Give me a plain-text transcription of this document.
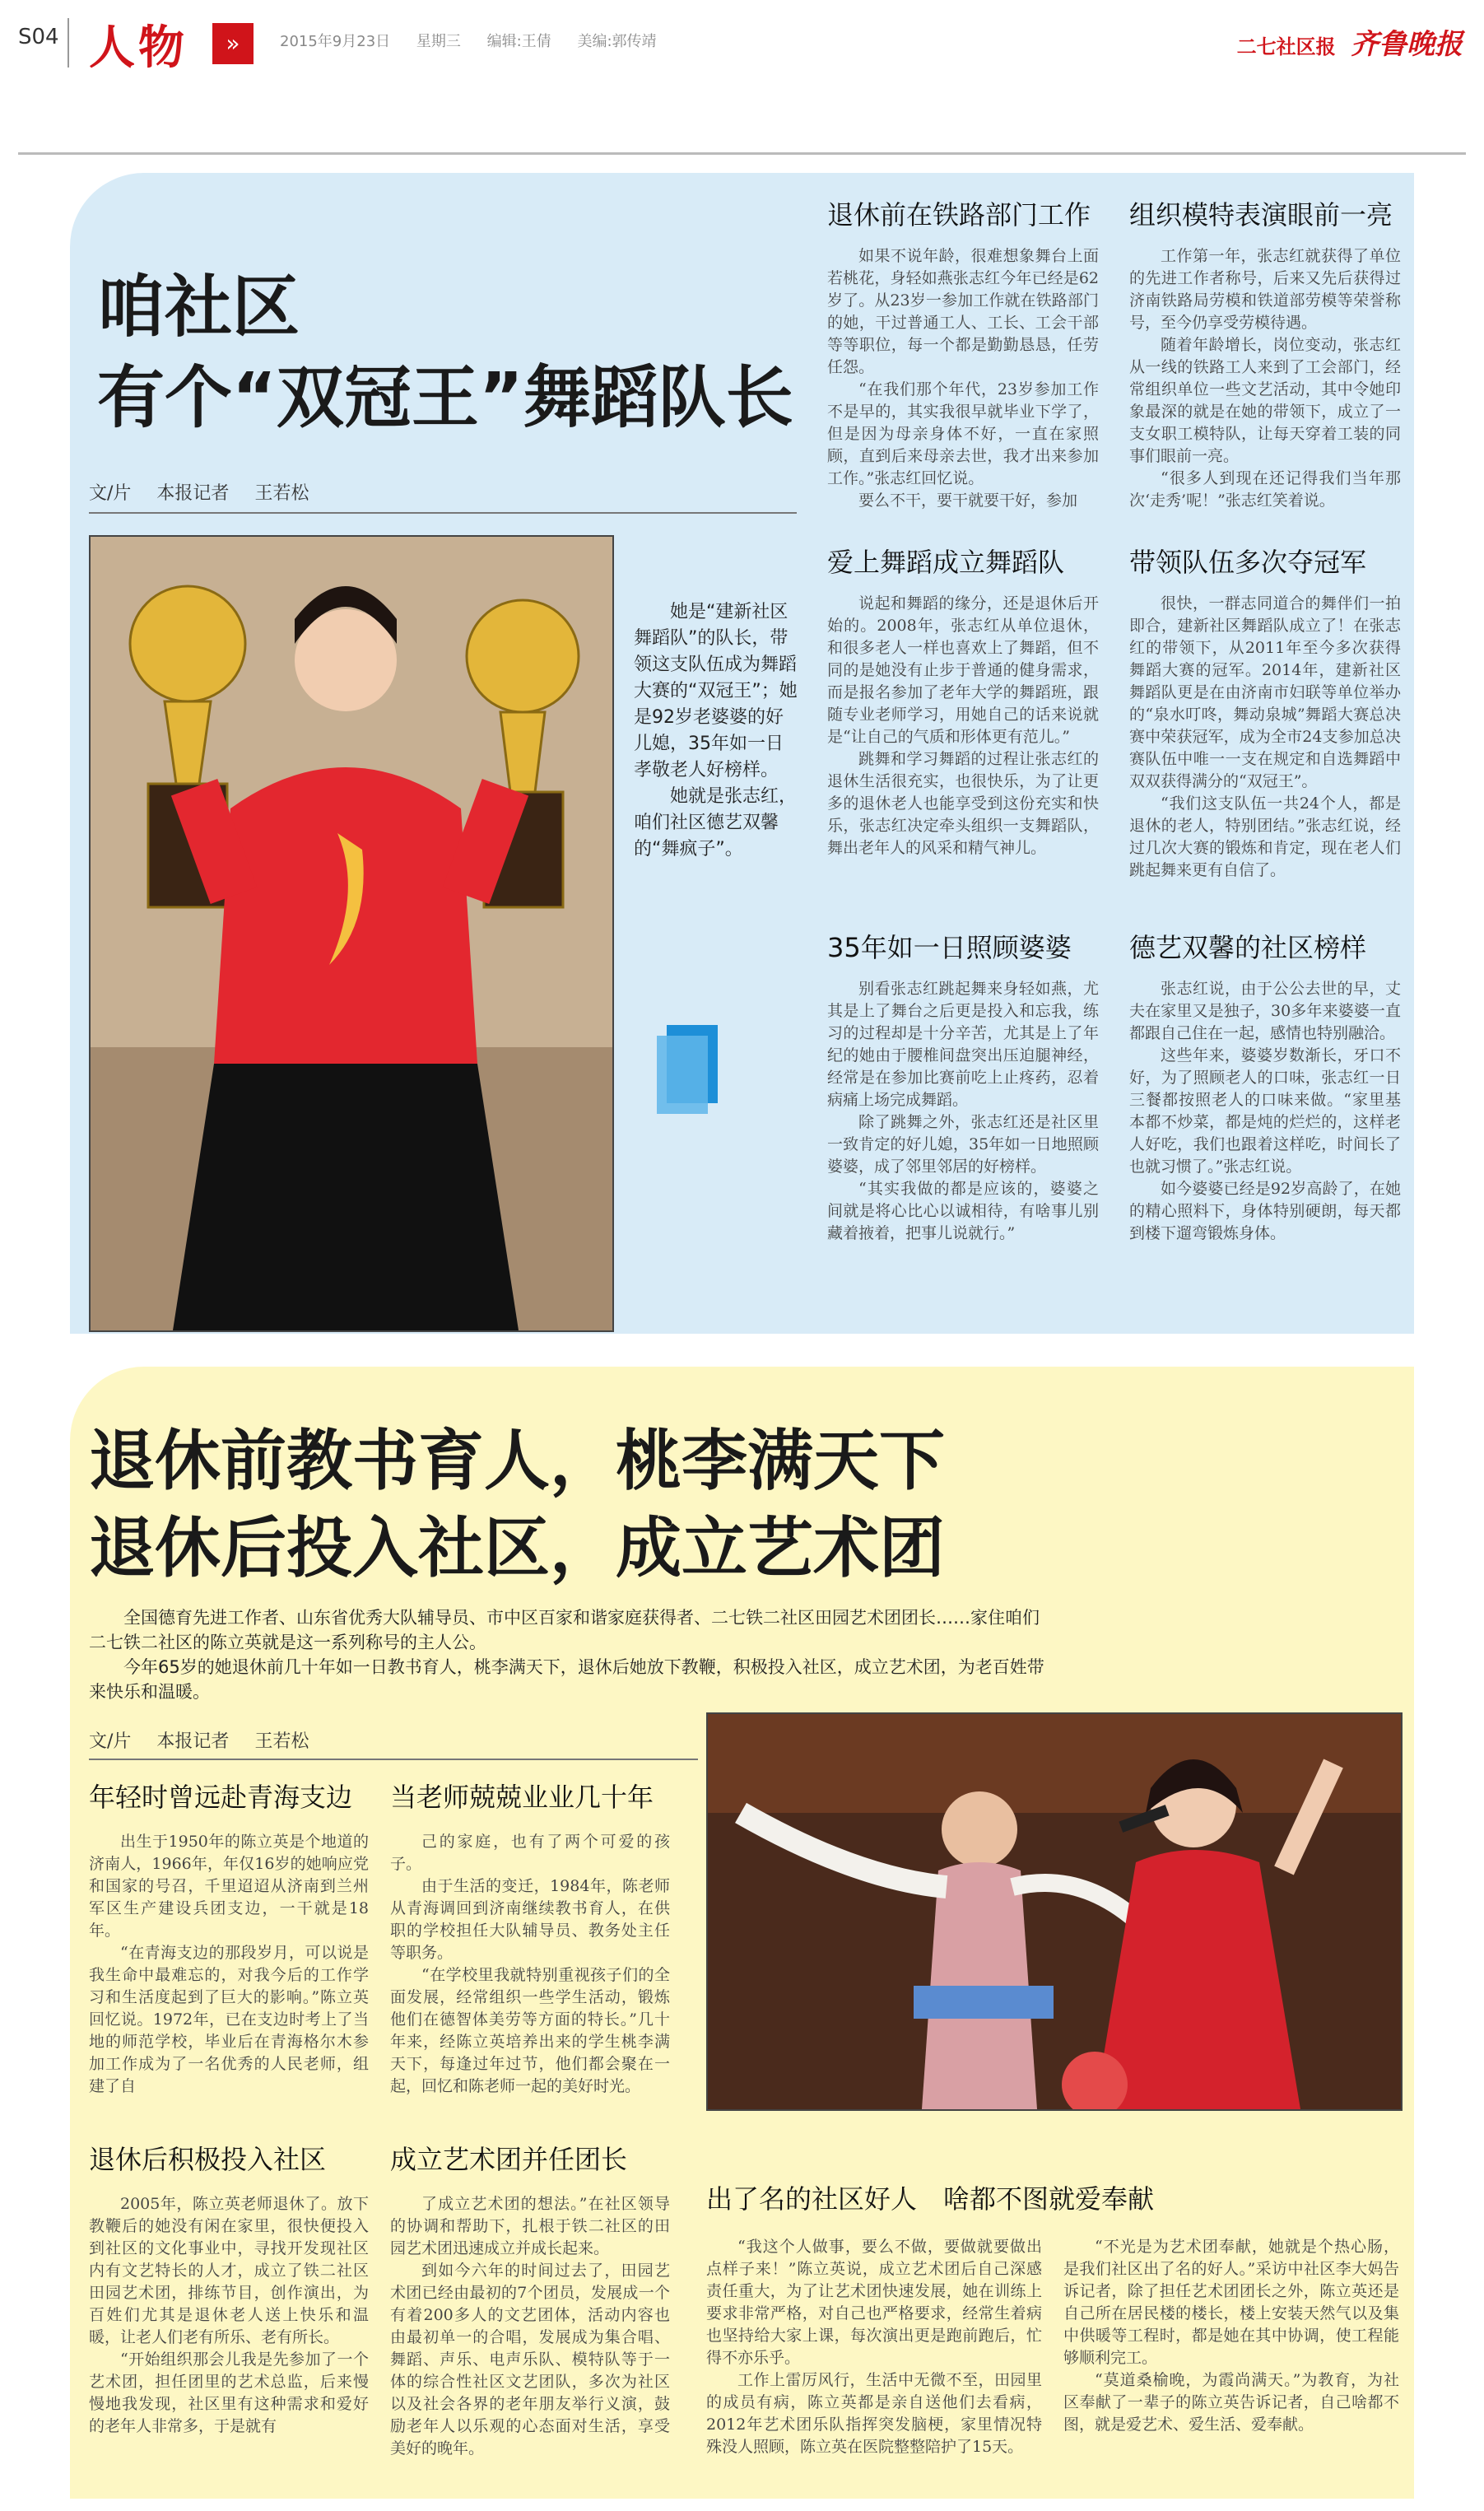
S04 人物	»	2015年9月23日 星期三 编辑:王倩 美编:郭传靖	二七社区报 齐鲁晚报
咱社区
有个“双冠王”舞蹈队长
文/片 本报记者 王若松
她是“建新社区舞蹈队”的队长，带领这支队伍成为舞蹈大赛的“双冠王”；她是92岁老婆婆的好儿媳，35年如一日孝敬老人好榜样。
她就是张志红，咱们社区德艺双馨的“舞疯子”。
退休前在铁路部门工作

如果不说年龄，很难想象舞台上面若桃花，身轻如燕张志红今年已经是62岁了。从23岁一参加工作就在铁路部门的她，干过普通工人、工长、工会干部等等职位，每一个都是勤勤恳恳，任劳任怨。

“在我们那个年代，23岁参加工作不是早的，其实我很早就毕业下学了，但是因为母亲身体不好，一直在家照顾，直到后来母亲去世，我才出来参加工作。”张志红回忆说。

要么不干，要干就要干好，参加

组织模特表演眼前一亮

工作第一年，张志红就获得了单位的先进工作者称号，后来又先后获得过济南铁路局劳模和铁道部劳模等荣誉称号，至今仍享受劳模待遇。

随着年龄增长，岗位变动，张志红从一线的铁路工人来到了工会部门，经常组织单位一些文艺活动，其中令她印象最深的就是在她的带领下，成立了一支女职工模特队，让每天穿着工装的同事们眼前一亮。

“很多人到现在还记得我们当年那次‘走秀’呢！”张志红笑着说。

爱上舞蹈成立舞蹈队

说起和舞蹈的缘分，还是退休后开始的。2008年，张志红从单位退休，和很多老人一样也喜欢上了舞蹈，但不同的是她没有止步于普通的健身需求，而是报名参加了老年大学的舞蹈班，跟随专业老师学习，用她自己的话来说就是“让自己的气质和形体更有范儿。”

跳舞和学习舞蹈的过程让张志红的退休生活很充实，也很快乐，为了让更多的退休老人也能享受到这份充实和快乐，张志红决定牵头组织一支舞蹈队，舞出老年人的风采和精气神儿。

带领队伍多次夺冠军

很快，一群志同道合的舞伴们一拍即合，建新社区舞蹈队成立了！在张志红的带领下，从2011年至今多次获得舞蹈大赛的冠军。2014年，建新社区舞蹈队更是在由济南市妇联等单位举办的“泉水叮咚，舞动泉城”舞蹈大赛总决赛中荣获冠军，成为全市24支参加总决赛队伍中唯一一支在规定和自选舞蹈中双双获得满分的“双冠王”。

“我们这支队伍一共24个人，都是退休的老人，特别团结。”张志红说，经过几次大赛的锻炼和肯定，现在老人们跳起舞来更有自信了。

35年如一日照顾婆婆

别看张志红跳起舞来身轻如燕，尤其是上了舞台之后更是投入和忘我，练习的过程却是十分辛苦，尤其是上了年纪的她由于腰椎间盘突出压迫腿神经，经常是在参加比赛前吃上止疼药，忍着病痛上场完成舞蹈。

除了跳舞之外，张志红还是社区里一致肯定的好儿媳，35年如一日地照顾婆婆，成了邻里邻居的好榜样。

“其实我做的都是应该的，婆婆之间就是将心比心以诚相待，有啥事儿别藏着掖着，把事儿说就行。”

德艺双馨的社区榜样

张志红说，由于公公去世的早，丈夫在家里又是独子，30多年来婆婆一直都跟自己住在一起，感情也特别融洽。

这些年来，婆婆岁数渐长，牙口不好，为了照顾老人的口味，张志红一日三餐都按照老人的口味来做。“家里基本都不炒菜，都是炖的烂烂的，这样老人好吃，我们也跟着这样吃，时间长了也就习惯了。”张志红说。

如今婆婆已经是92岁高龄了，在她的精心照料下，身体特别硬朗，每天都到楼下遛弯锻炼身体。

退休前教书育人，桃李满天下
退休后投入社区，成立艺术团

全国德育先进工作者、山东省优秀大队辅导员、市中区百家和谐家庭获得者、二七铁二社区田园艺术团团长……家住咱们二七铁二社区的陈立英就是这一系列称号的主人公。

今年65岁的她退休前几十年如一日教书育人，桃李满天下，退休后她放下教鞭，积极投入社区，成立艺术团，为老百姓带来快乐和温暖。

文/片 本报记者 王若松
年轻时曾远赴青海支边

出生于1950年的陈立英是个地道的济南人，1966年，年仅16岁的她响应党和国家的号召，千里迢迢从济南到兰州军区生产建设兵团支边，一干就是18年。

“在青海支边的那段岁月，可以说是我生命中最难忘的，对我今后的工作学习和生活度起到了巨大的影响。”陈立英回忆说。1972年，已在支边时考上了当地的师范学校，毕业后在青海格尔木参加工作成为了一名优秀的人民老师，组建了自

当老师兢兢业业几十年

己的家庭，也有了两个可爱的孩子。

由于生活的变迁，1984年，陈老师从青海调回到济南继续教书育人，在供职的学校担任大队辅导员、教务处主任等职务。

“在学校里我就特别重视孩子们的全面发展，经常组织一些学生活动，锻炼他们在德智体美劳等方面的特长。”几十年来，经陈立英培养出来的学生桃李满天下，每逢过年过节，他们都会聚在一起，回忆和陈老师一起的美好时光。

退休后积极投入社区

2005年，陈立英老师退休了。放下教鞭后的她没有闲在家里，很快便投入到社区的文化事业中，寻找开发现社区内有文艺特长的人才，成立了铁二社区田园艺术团，排练节目，创作演出，为百姓们尤其是退休老人送上快乐和温暖，让老人们老有所乐、老有所长。

“开始组织那会儿我是先参加了一个艺术团，担任团里的艺术总监，后来慢慢地我发现，社区里有这种需求和爱好的老年人非常多，于是就有

成立艺术团并任团长

了成立艺术团的想法。”在社区领导的协调和帮助下，扎根于铁二社区的田园艺术团迅速成立并成长起来。

到如今六年的时间过去了，田园艺术团已经由最初的7个团员，发展成一个有着200多人的文艺团体，活动内容也由最初单一的合唱，发展成为集合唱、舞蹈、声乐、电声乐队、模特队等于一体的综合性社区文艺团队，多次为社区以及社会各界的老年朋友举行义演，鼓励老年人以乐观的心态面对生活，享受美好的晚年。

出了名的社区好人　啥都不图就爱奉献

“我这个人做事，要么不做，要做就要做出点样子来！”陈立英说，成立艺术团后自己深感责任重大，为了让艺术团快速发展，她在训练上要求非常严格，对自己也严格要求，经常生着病也坚持给大家上课，每次演出更是跑前跑后，忙得不亦乐乎。

工作上雷厉风行，生活中无微不至，田园里的成员有病，陈立英都是亲自送他们去看病，2012年艺术团乐队指挥突发脑梗，家里情况特殊没人照顾，陈立英在医院整整陪护了15天。

“不光是为艺术团奉献，她就是个热心肠，是我们社区出了名的好人。”采访中社区李大妈告诉记者，除了担任艺术团团长之外，陈立英还是自己所在居民楼的楼长，楼上安装天然气以及集中供暖等工程时，都是她在其中协调，使工程能够顺利完工。

“莫道桑榆晚，为霞尚满天。”为教育，为社区奉献了一辈子的陈立英告诉记者，自己啥都不图，就是爱艺术、爱生活、爱奉献。
